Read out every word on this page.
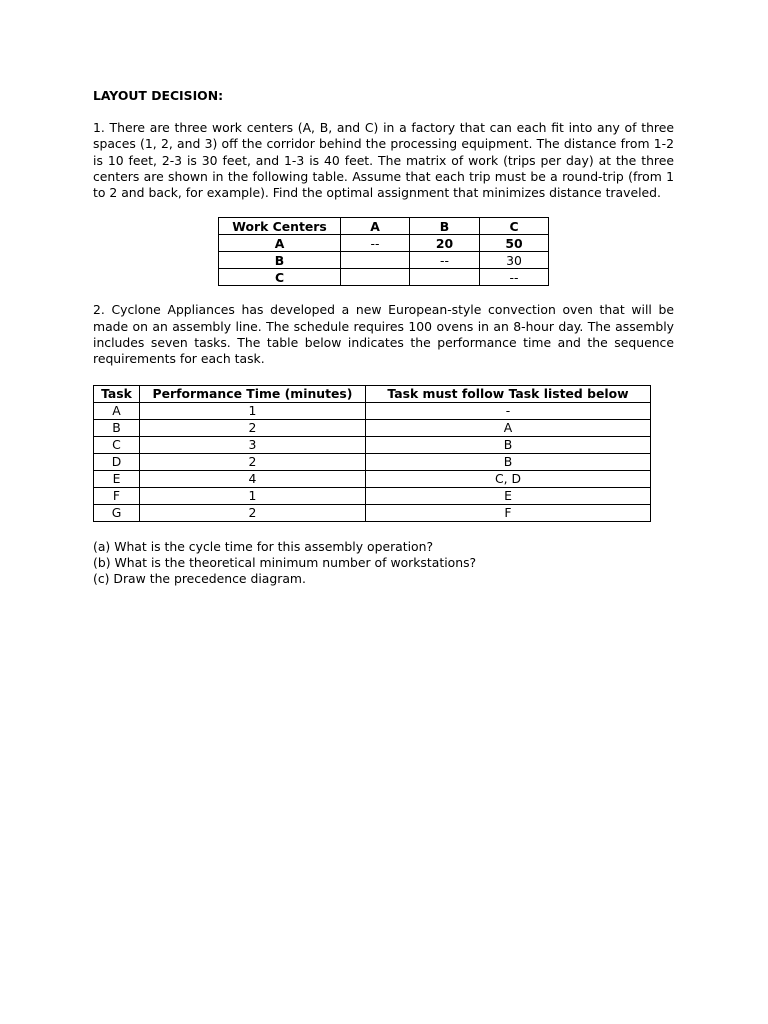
LAYOUT DECISION:

1. There are three work centers (A, B, and C) in a factory that can each fit into any of three spaces (1, 2, and 3) off the corridor behind the processing equipment. The distance from 1-2 is 10 feet, 2-3 is 30 feet, and 1-3 is 40 feet. The matrix of work (trips per day) at the three centers are shown in the following table. Assume that each trip must be a round-trip (from 1 to 2 and back, for example). Find the optimal assignment that minimizes distance traveled.

Work Centers	A	B	C
A	--	20	50
B		--	30
C			--

2. Cyclone Appliances has developed a new European-style convection oven that will be made on an assembly line. The schedule requires 100 ovens in an 8-hour day. The assembly includes seven tasks. The table below indicates the performance time and the sequence requirements for each task.

Task	Performance Time (minutes)	Task must follow Task listed below
A	1	-
B	2	A
C	3	B
D	2	B
E	4	C, D
F	1	E
G	2	F
(a) What is the cycle time for this assembly operation?
(b) What is the theoretical minimum number of workstations?
(c) Draw the precedence diagram.
